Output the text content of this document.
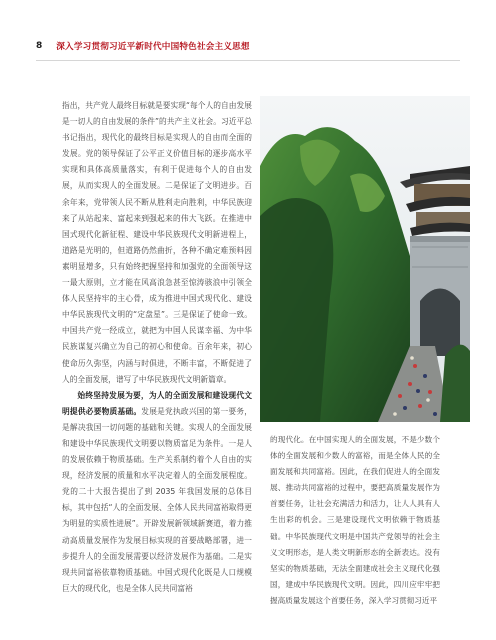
8 深入学习贯彻习近平新时代中国特色社会主义思想

指出，共产党人最终目标就是要实现“每个人的自由发展是一切人的自由发展的条件”的共产主义社会。习近平总书记指出，现代化的最终目标是实现人的自由而全面的发展。党的领导保证了公平正义价值目标的逐步高水平实现和具体高质量落实，有利于促进每个人的自由发展，从而实现人的全面发展。二是保证了文明进步。百余年来，党带领人民不断从胜利走向胜利，中华民族迎来了从站起来、富起来到强起来的伟大飞跃。在推进中国式现代化新征程、建设中华民族现代文明新进程上，道路是光明的，但道路仍然曲折，各种不确定难预料因素明显增多，只有始终把握坚持和加强党的全面领导这一最大原则，立才能在风高浪急甚至惊涛骇浪中引领全体人民坚持牢的主心骨，成为推进中国式现代化、建设中华民族现代文明的“定盘星”。三是保证了使命一致。中国共产党一经成立，就把为中国人民谋幸福、为中华民族谋复兴确立为自己的初心和使命。百余年来，初心使命历久弥坚，内涵与时俱进，不断丰富，不断促进了人的全面发展，谱写了中华民族现代文明新篇章。

始终坚持发展为要，为人的全面发展和建设现代文明提供必要物质基础。发展是党执政兴国的第一要务，是解决我国一切问题的基础和关键。实现人的全面发展和建设中华民族现代文明要以物质富足为条件。一是人的发展依赖于物质基础。生产关系制约着个人自由的实现，经济发展的质量和水平决定着人的全面发展程度。党的二十大报告提出了到 2035 年我国发展的总体目标，其中包括“人的全面发展、全体人民共同富裕取得更为明显的实质性进展”。开辟发展新领域新赛道，着力推动高质量发展作为发展目标实现的首要战略部署，进一步提升人的全面发展需要以经济发展作为基础。二是实现共同富裕依靠物质基础。中国式现代化既是人口规模巨大的现代化，也是全体人民共同富裕

的现代化。在中国实现人的全面发展，不是少数个体的全面发展和少数人的富裕，而是全体人民的全面发展和共同富裕。因此，在我们促进人的全面发展、推动共同富裕的过程中，要把高质量发展作为首要任务，让社会充满活力和活力，让人人具有人生出彩的机会。三是建设现代文明依赖于物质基础。中华民族现代文明是中国共产党领导的社会主义文明形态，是人类文明新形态的全新表达。没有坚实的物质基础，无法全面建成社会主义现代化强国，建成中华民族现代文明。因此，四川应牢牢把握高质量发展这个首要任务，深入学习贯彻习近平
